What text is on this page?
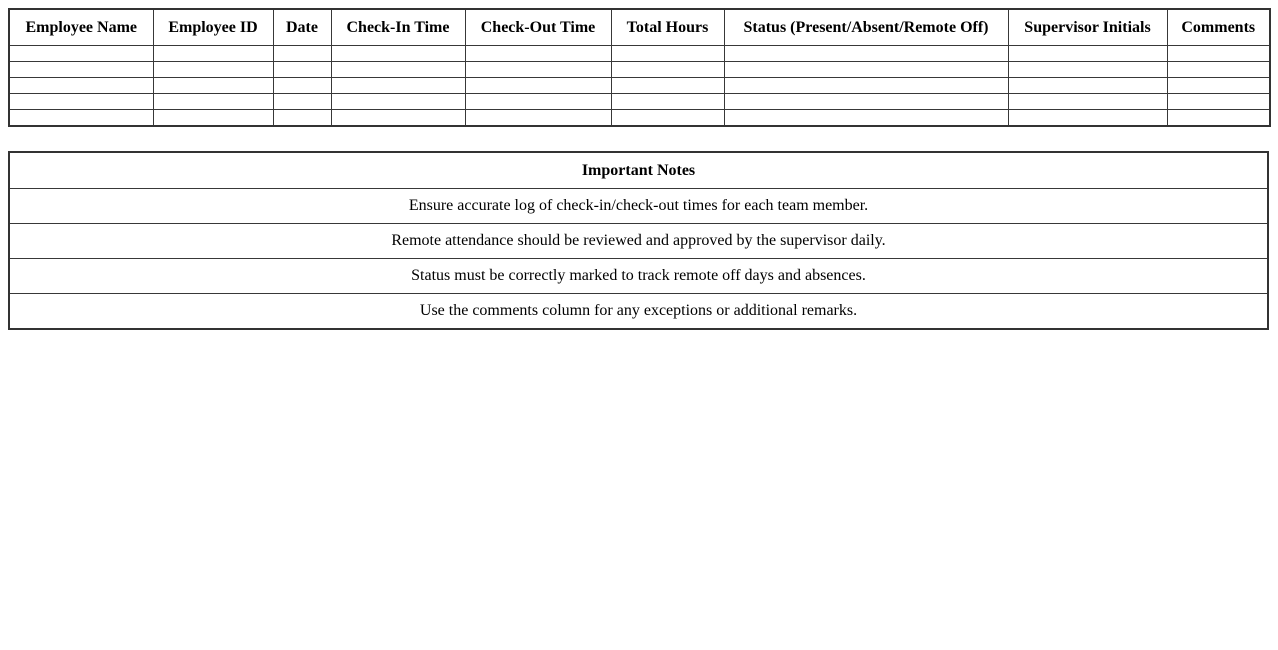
Employee Name	Employee ID	Date	Check-In Time	Check-Out Time	Total Hours	Status (Present/Absent/Remote Off)	Supervisor Initials	Comments

Important Notes
Ensure accurate log of check-in/check-out times for each team member.
Remote attendance should be reviewed and approved by the supervisor daily.
Status must be correctly marked to track remote off days and absences.
Use the comments column for any exceptions or additional remarks.
